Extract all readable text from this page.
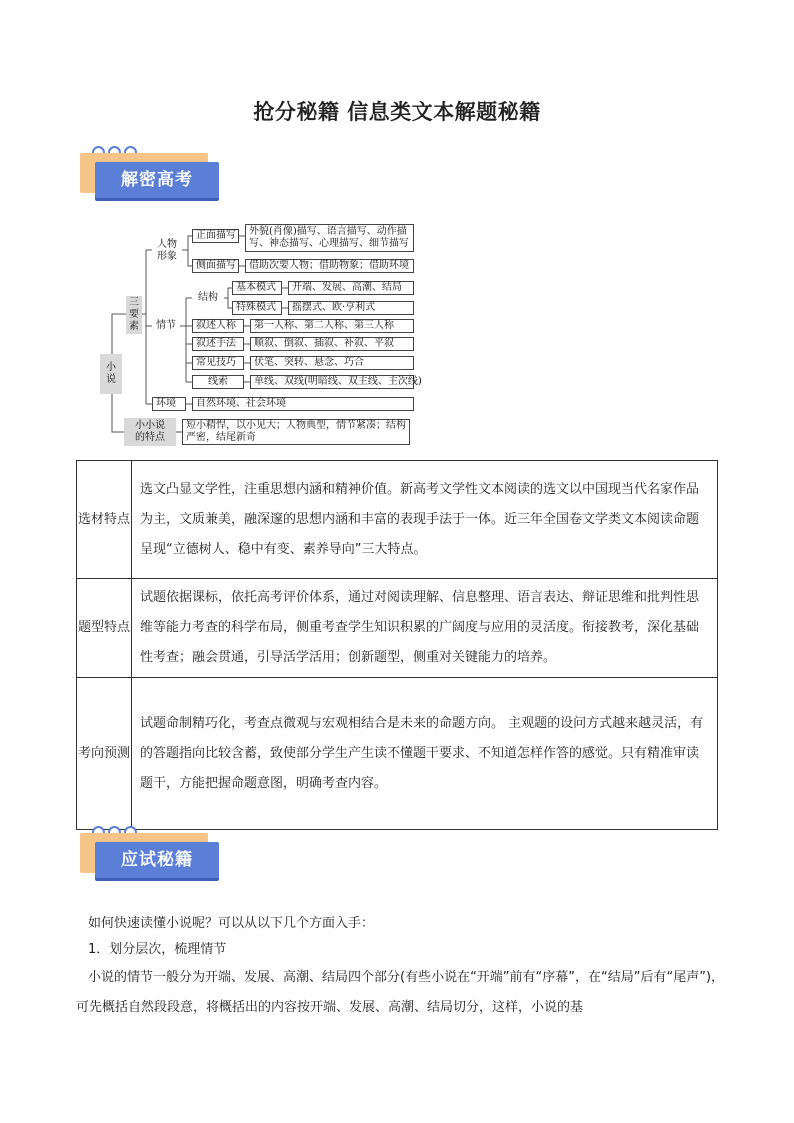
抢分秘籍 信息类文本解题秘籍
解密高考
小说
三要素
人物形象
正面描写	外貌(肖像)描写、语言描写、动作描写、神态描写、心理描写、细节描写
侧面描写	借助次要人物；借助物象；借助环境
情节
结构
基本模式	开端、发展、高潮、结局
特殊模式	摇摆式、欧·亨利式
叙述人称	第一人称、第二人称、第三人称
叙述手法	顺叙、倒叙、插叙、补叙、平叙
常见技巧	伏笔、突转、悬念、巧合
线索	单线、双线(明暗线、双主线、主次线)
环境	自然环境、社会环境
小小说的特点
短小精悍，以小见大；人物典型，情节紧凑；结构严密，结尾新奇
选材特点	选文凸显文学性，注重思想内涵和精神价值。新高考文学性文本阅读的选文以中国现当代名家作品为主，文质兼美，融深邃的思想内涵和丰富的表现手法于一体。近三年全国卷文学类文本阅读命题呈现“立德树人、稳中有变、素养导向”三大特点。
题型特点	试题依据课标，依托高考评价体系，通过对阅读理解、信息整理、语言表达、辩证思维和批判性思维等能力考查的科学布局，侧重考查学生知识积累的广阔度与应用的灵活度。衔接教考，深化基础性考查；融会贯通，引导活学活用；创新题型，侧重对关键能力的培养。
考向预测	试题命制精巧化，考查点微观与宏观相结合是未来的命题方向。 主观题的设问方式越来越灵活，有的答题指向比较含蓄，致使部分学生产生读不懂题干要求、不知道怎样作答的感觉。只有精准审读题干，方能把握命题意图，明确考查内容。
应试秘籍
如何快速读懂小说呢？可以从以下几个方面入手：
1．划分层次，梳理情节
小说的情节一般分为开端、发展、高潮、结局四个部分(有些小说在“开端”前有“序幕”，在“结局”后有“尾声”)，可先概括自然段段意，将概括出的内容按开端、发展、高潮、结局切分，这样，小说的基
